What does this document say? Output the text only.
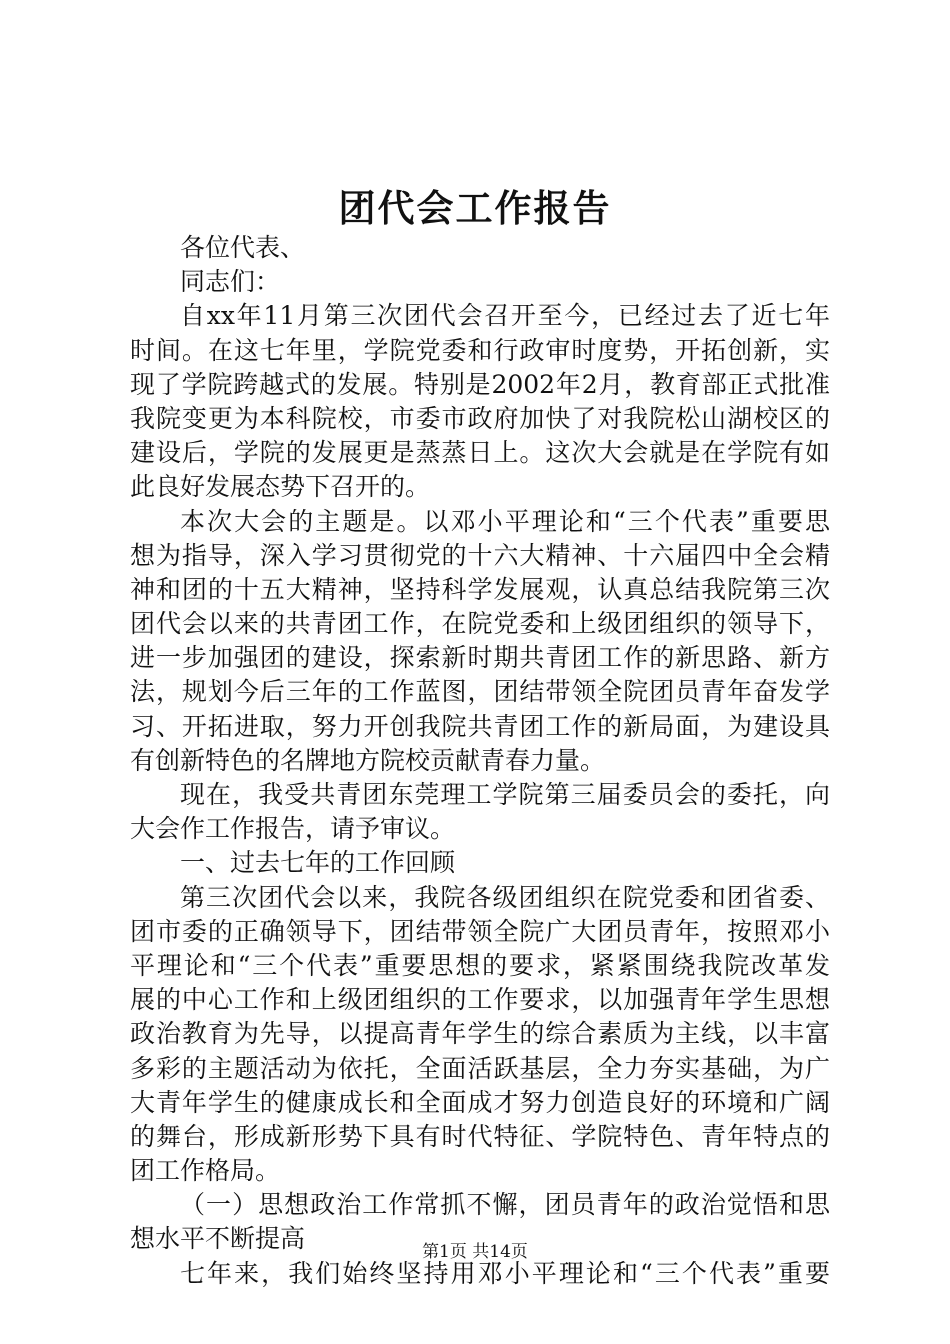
团代会工作报告
各位代表、
同志们：
自xx年11月第三次团代会召开至今，已经过去了近七年
时间。在这七年里，学院党委和行政审时度势，开拓创新，实
现了学院跨越式的发展。特别是2002年2月，教育部正式批准
我院变更为本科院校，市委市政府加快了对我院松山湖校区的
建设后，学院的发展更是蒸蒸日上。这次大会就是在学院有如
此良好发展态势下召开的。
本次大会的主题是。以邓小平理论和“三个代表”重要思
想为指导，深入学习贯彻党的十六大精神、十六届四中全会精
神和团的十五大精神，坚持科学发展观，认真总结我院第三次
团代会以来的共青团工作，在院党委和上级团组织的领导下，
进一步加强团的建设，探索新时期共青团工作的新思路、新方
法，规划今后三年的工作蓝图，团结带领全院团员青年奋发学
习、开拓进取，努力开创我院共青团工作的新局面，为建设具
有创新特色的名牌地方院校贡献青春力量。
现在，我受共青团东莞理工学院第三届委员会的委托，向
大会作工作报告，请予审议。
一、过去七年的工作回顾
第三次团代会以来，我院各级团组织在院党委和团省委、
团市委的正确领导下，团结带领全院广大团员青年，按照邓小
平理论和“三个代表”重要思想的要求，紧紧围绕我院改革发
展的中心工作和上级团组织的工作要求，以加强青年学生思想
政治教育为先导，以提高青年学生的综合素质为主线，以丰富
多彩的主题活动为依托，全面活跃基层，全力夯实基础，为广
大青年学生的健康成长和全面成才努力创造良好的环境和广阔
的舞台，形成新形势下具有时代特征、学院特色、青年特点的
团工作格局。
（一）思想政治工作常抓不懈，团员青年的政治觉悟和思
想水平不断提高
七年来，我们始终坚持用邓小平理论和“三个代表”重要
第1页 共14页
